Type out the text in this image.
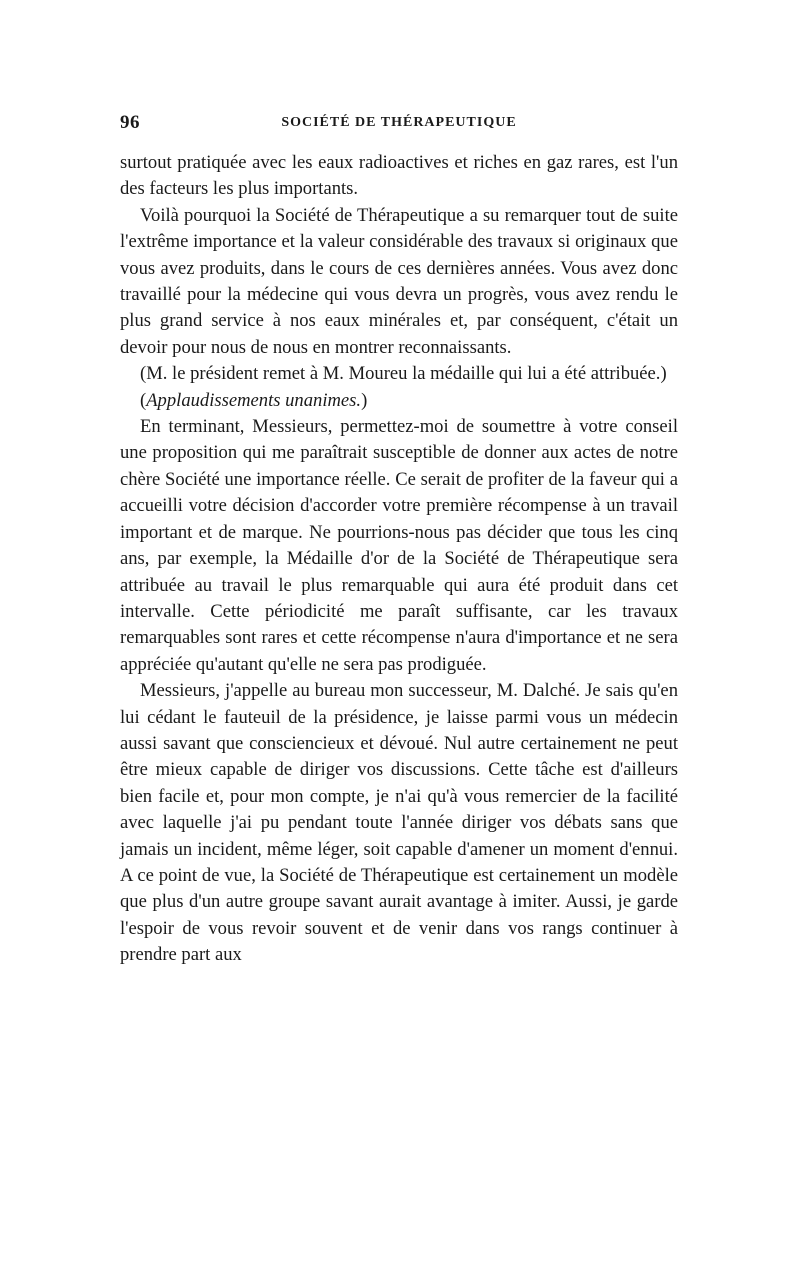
96	SOCIÉTÉ DE THÉRAPEUTIQUE

surtout pratiquée avec les eaux radioactives et riches en gaz rares, est l'un des facteurs les plus importants.

Voilà pourquoi la Société de Thérapeutique a su remarquer tout de suite l'extrême importance et la valeur considérable des travaux si originaux que vous avez produits, dans le cours de ces dernières années. Vous avez donc travaillé pour la médecine qui vous devra un progrès, vous avez rendu le plus grand service à nos eaux minérales et, par conséquent, c'était un devoir pour nous de nous en montrer reconnaissants.

(M. le président remet à M. Moureu la médaille qui lui a été attribuée.)

(Applaudissements unanimes.)

En terminant, Messieurs, permettez-moi de soumettre à votre conseil une proposition qui me paraîtrait susceptible de donner aux actes de notre chère Société une importance réelle. Ce serait de profiter de la faveur qui a accueilli votre décision d'accorder votre première récompense à un travail important et de marque. Ne pourrions-nous pas décider que tous les cinq ans, par exemple, la Médaille d'or de la Société de Thérapeutique sera attribuée au travail le plus remarquable qui aura été produit dans cet intervalle. Cette périodicité me paraît suffisante, car les travaux remarquables sont rares et cette récompense n'aura d'importance et ne sera appréciée qu'autant qu'elle ne sera pas prodiguée.

Messieurs, j'appelle au bureau mon successeur, M. Dalché. Je sais qu'en lui cédant le fauteuil de la présidence, je laisse parmi vous un médecin aussi savant que consciencieux et dévoué. Nul autre certainement ne peut être mieux capable de diriger vos discussions. Cette tâche est d'ailleurs bien facile et, pour mon compte, je n'ai qu'à vous remercier de la facilité avec laquelle j'ai pu pendant toute l'année diriger vos débats sans que jamais un incident, même léger, soit capable d'amener un moment d'ennui. A ce point de vue, la Société de Thérapeutique est certainement un modèle que plus d'un autre groupe savant aurait avantage à imiter. Aussi, je garde l'espoir de vous revoir souvent et de venir dans vos rangs continuer à prendre part aux
